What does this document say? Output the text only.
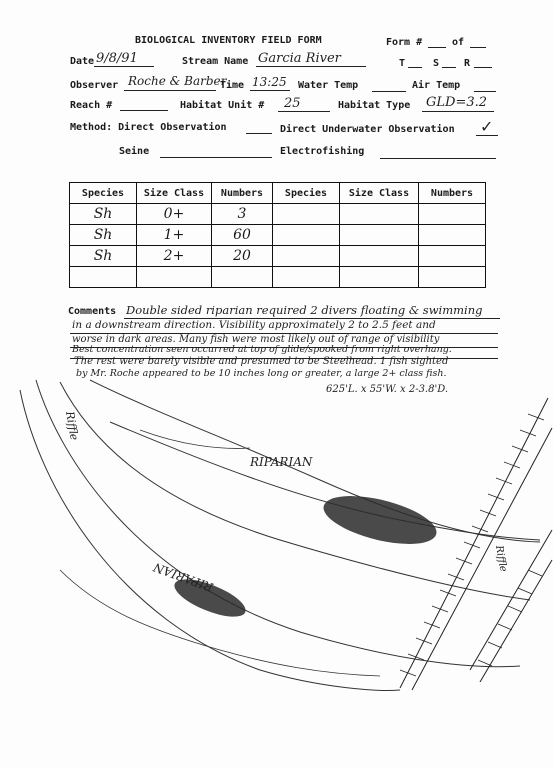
BIOLOGICAL INVENTORY FIELD FORM	Form #	of
Date 9/8/91	Stream Name Garcia River	T	S R
Observer Roche & Barber
Time 13:25 Water Temp	Air Temp
Reach #	Habitat Unit # 25	Habitat Type GLD=3.2
Method: Direct Observation	Direct Underwater Observation ✓
Seine	Electrofishing
Species	Size Class	Numbers	Species	Size Class	Numbers
Sh	0+	3			
Sh	1+	60			
Sh	2+	20			

Comments Double sided riparian required 2 divers floating & swimming
in a downstream direction. Visibility approximately 2 to 2.5 feet and
worse in dark areas. Many fish were most likely out of range of visibility
Best concentration seen occurred at top of glide/spooked from right overhang.
The rest were barely visible and presumed to be Steelhead. 1 fish sighted
by Mr. Roche appeared to be 10 inches long or greater, a large 2+ class fish.
625'L. x 55'W. x 2-3.8'D.
RIPARIAN
RIPARIAN
Riffle
Riffle
